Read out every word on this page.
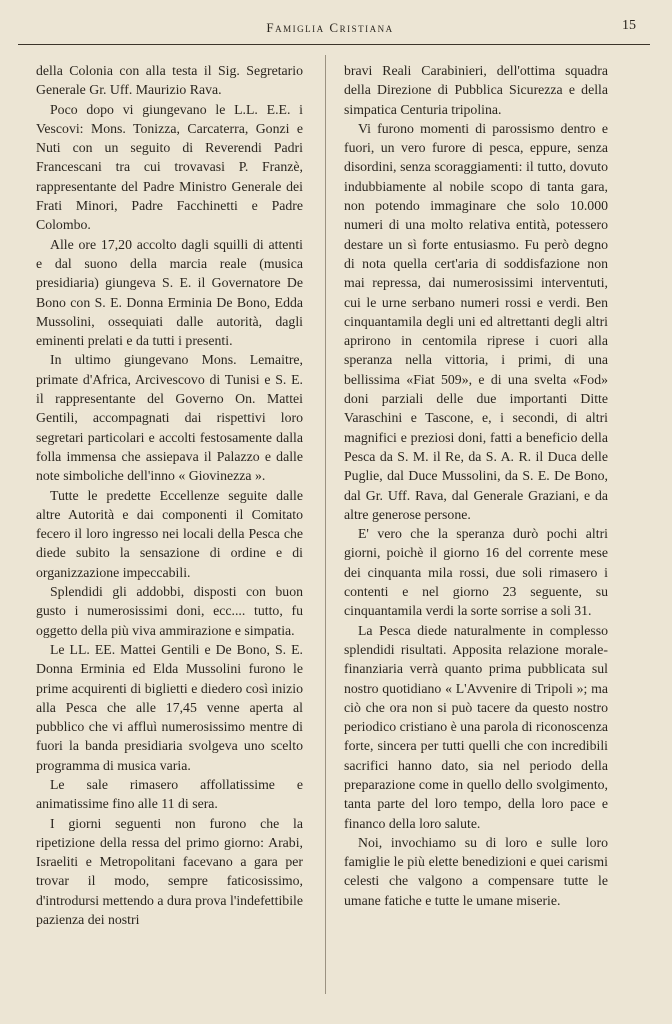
Famiglia Cristiana	15

della Colonia con alla testa il Sig. Segretario Generale Gr. Uff. Maurizio Rava.

Poco dopo vi giungevano le L.L. E.E. i Vescovi: Mons. Tonizza, Carcaterra, Gonzi e Nuti con un seguito di Reverendi Padri Francescani tra cui trovavasi P. Franzè, rappresentante del Padre Ministro Generale dei Frati Minori, Padre Facchinetti e Padre Colombo.

Alle ore 17,20 accolto dagli squilli di attenti e dal suono della marcia reale (musica presidiaria) giungeva S. E. il Governatore De Bono con S. E. Donna Erminia De Bono, Edda Mussolini, ossequiati dalle autorità, dagli eminenti prelati e da tutti i presenti.

In ultimo giungevano Mons. Lemaitre, primate d'Africa, Arcivescovo di Tunisi e S. E. il rappresentante del Governo On. Mattei Gentili, accompagnati dai rispettivi loro segretari particolari e accolti festosamente dalla folla immensa che assiepava il Palazzo e dalle note simboliche dell'inno « Giovinezza ».

Tutte le predette Eccellenze seguite dalle altre Autorità e dai componenti il Comitato fecero il loro ingresso nei locali della Pesca che diede subito la sensazione di ordine e di organizzazione impeccabili.

Splendidi gli addobbi, disposti con buon gusto i numerosissimi doni, ecc.... tutto, fu oggetto della più viva ammirazione e simpatia.

Le LL. EE. Mattei Gentili e De Bono, S. E. Donna Erminia ed Elda Mussolini furono le prime acquirenti di biglietti e diedero così inizio alla Pesca che alle 17,45 venne aperta al pubblico che vi affluì numerosissimo mentre di fuori la banda presidiaria svolgeva uno scelto programma di musica varia.

Le sale rimasero affollatissime e animatissime fino alle 11 di sera.

I giorni seguenti non furono che la ripetizione della ressa del primo giorno: Arabi, Israeliti e Metropolitani facevano a gara per trovar il modo, sempre faticosissimo, d'introdursi mettendo a dura prova l'indefettibile pazienza dei nostri

bravi Reali Carabinieri, dell'ottima squadra della Direzione di Pubblica Sicurezza e della simpatica Centuria tripolina.

Vi furono momenti di parossismo dentro e fuori, un vero furore di pesca, eppure, senza disordini, senza scoraggiamenti: il tutto, dovuto indubbiamente al nobile scopo di tanta gara, non potendo immaginare che solo 10.000 numeri di una molto relativa entità, potessero destare un sì forte entusiasmo. Fu però degno di nota quella cert'aria di soddisfazione non mai repressa, dai numerosissimi interventuti, cui le urne serbano numeri rossi e verdi. Ben cinquantamila degli uni ed altrettanti degli altri aprirono in centomila riprese i cuori alla speranza nella vittoria, i primi, di una bellissima «Fiat 509», e di una svelta «Fod» doni parziali delle due importanti Ditte Varaschini e Tascone, e, i secondi, di altri magnifici e preziosi doni, fatti a beneficio della Pesca da S. M. il Re, da S. A. R. il Duca delle Puglie, dal Duce Mussolini, da S. E. De Bono, dal Gr. Uff. Rava, dal Generale Graziani, e da altre generose persone.

E' vero che la speranza durò pochi altri giorni, poichè il giorno 16 del corrente mese dei cinquanta mila rossi, due soli rimasero i contenti e nel giorno 23 seguente, su cinquantamila verdi la sorte sorrise a soli 31.

La Pesca diede naturalmente in complesso splendidi risultati. Apposita relazione morale-finanziaria verrà quanto prima pubblicata sul nostro quotidiano « L'Avvenire di Tripoli »; ma ciò che ora non si può tacere da questo nostro periodico cristiano è una parola di riconoscenza forte, sincera per tutti quelli che con incredibili sacrifici hanno dato, sia nel periodo della preparazione come in quello dello svolgimento, tanta parte del loro tempo, della loro pace e financo della loro salute.

Noi, invochiamo su di loro e sulle loro famiglie le più elette benedizioni e quei carismi celesti che valgono a compensare tutte le umane fatiche e tutte le umane miserie.
